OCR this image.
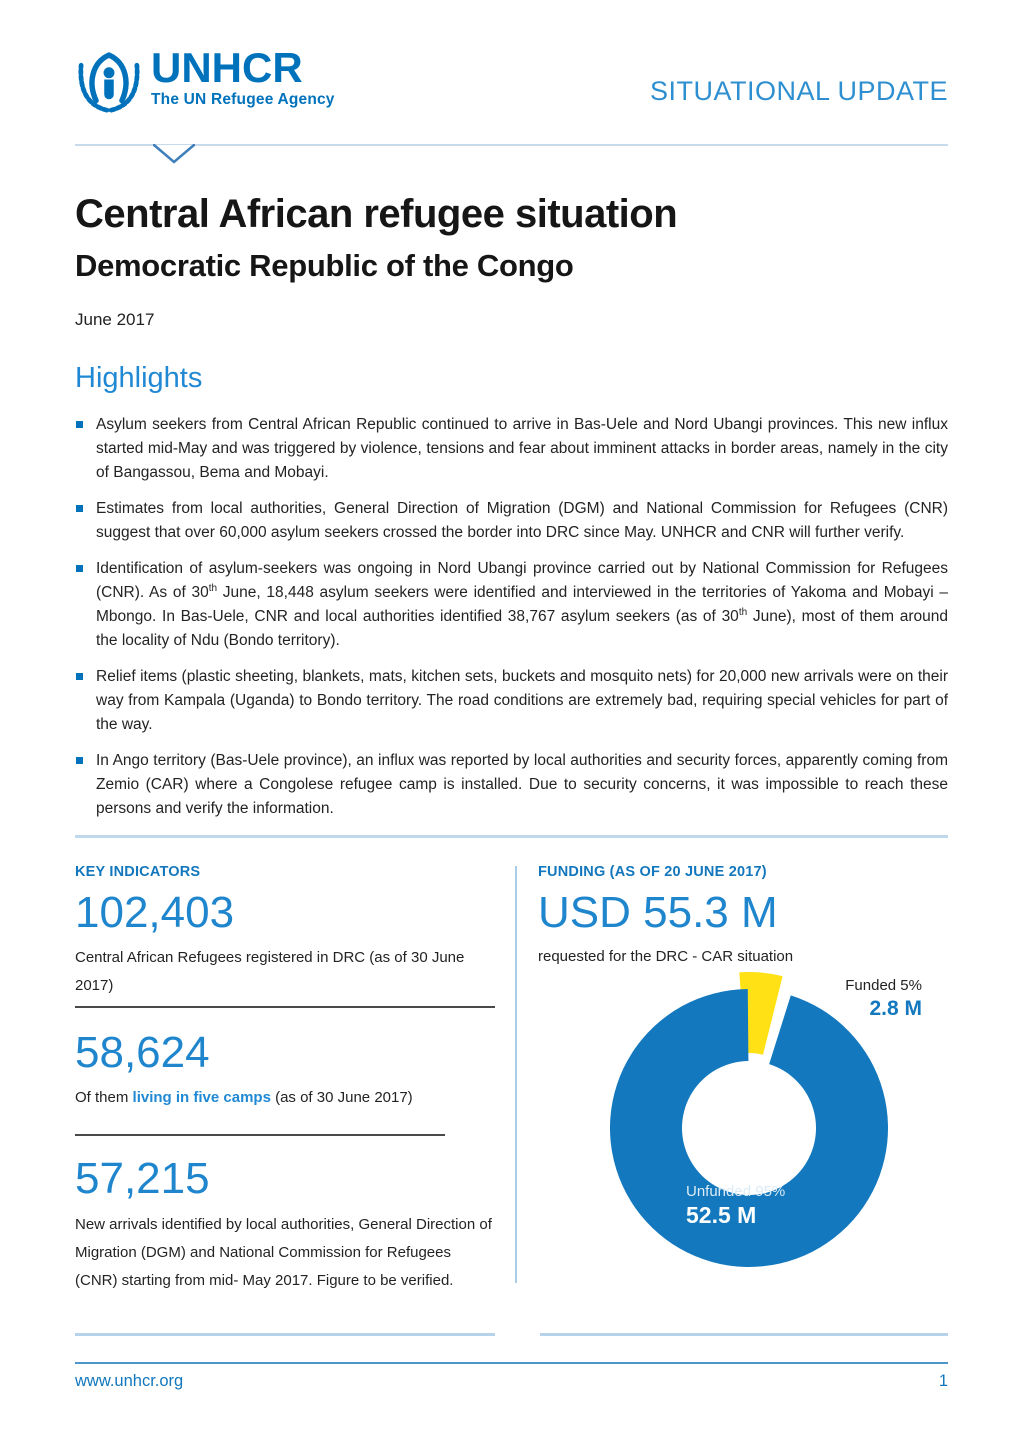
UNHCR
The UN Refugee Agency	SITUATIONAL UPDATE
Central African refugee situation
Democratic Republic of the Congo
June 2017
Highlights
Asylum seekers from Central African Republic continued to arrive in Bas-Uele and Nord Ubangi provinces. This new influx started mid-May and was triggered by violence, tensions and fear about imminent attacks in border areas, namely in the city of Bangassou, Bema and Mobayi.
Estimates from local authorities, General Direction of Migration (DGM) and National Commission for Refugees (CNR) suggest that over 60,000 asylum seekers crossed the border into DRC since May. UNHCR and CNR will further verify.
Identification of asylum-seekers was ongoing in Nord Ubangi province carried out by National Commission for Refugees (CNR). As of 30th June, 18,448 asylum seekers were identified and interviewed in the territories of Yakoma and Mobayi – Mbongo. In Bas-Uele, CNR and local authorities identified 38,767 asylum seekers (as of 30th June), most of them around the locality of Ndu (Bondo territory).
Relief items (plastic sheeting, blankets, mats, kitchen sets, buckets and mosquito nets) for 20,000 new arrivals were on their way from Kampala (Uganda) to Bondo territory. The road conditions are extremely bad, requiring special vehicles for part of the way.
In Ango territory (Bas-Uele province), an influx was reported by local authorities and security forces, apparently coming from Zemio (CAR) where a Congolese refugee camp is installed. Due to security concerns, it was impossible to reach these persons and verify the information.
KEY INDICATORS
102,403
Central African Refugees registered in DRC (as of 30 June 2017)
58,624
Of them living in five camps (as of 30 June 2017)
57,215
New arrivals identified by local authorities, General Direction of Migration (DGM) and National Commission for Refugees (CNR) starting from mid- May 2017. Figure to be verified.
FUNDING (AS OF 20 JUNE 2017)
USD 55.3 M
requested for the DRC - CAR situation
Funded 5%
2.8 M
Unfunded 95%
52.5 M
www.unhcr.org	1
